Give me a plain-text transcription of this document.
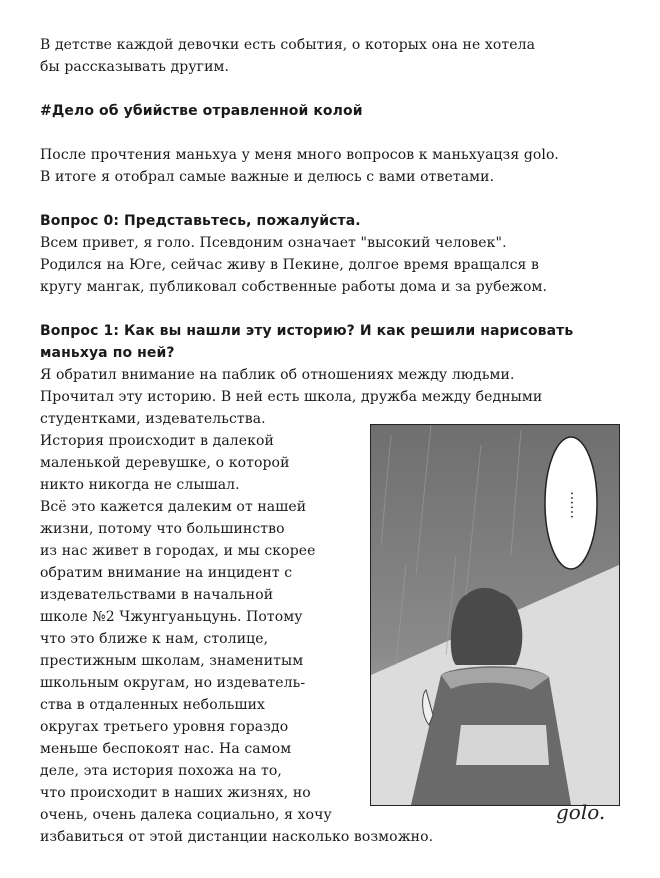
В детстве каждой девочки есть события, о которых она не хотела
бы рассказывать другим.
#Дело об убийстве отравленной колой
После прочтения маньхуа у меня много вопросов к маньхуацзя golo.
В итоге я отобрал самые важные и делюсь с вами ответами.
Вопрос 0: Представьтесь, пожалуйста.
Всем привет, я голо. Псевдоним означает "высокий человек".
Родился на Юге, сейчас живу в Пекине, долгое время вращался в
кругу мангак, публиковал собственные работы дома и за рубежом.
Вопрос 1: Как вы нашли эту историю? И как решили нарисовать
маньхуа по ней?
Я обратил внимание на паблик об отношениях между людьми.
Прочитал эту историю. В ней есть школа, дружба между бедными
студентками, издевательства.
История происходит в далекой
маленькой деревушке, о которой
никто никогда не слышал.
Всё это кажется далеким от нашей
жизни, потому что большинство
из нас живет в городах, и мы скорее
обратим внимание на инцидент с
издевательствами в начальной
школе №2 Чжунгуаньцунь. Потому
что это ближе к нам, столице,
престижным школам, знаменитым
школьным округам, но издеватель-
ства в отдаленных небольших
округах третьего уровня гораздо
меньше беспокоят нас. На самом
деле, эта история похожа на то,
что происходит в наших жизнях, но
очень, очень далека социально, я хочу
избавиться от этой дистанции насколько возможно.
……
golo.
